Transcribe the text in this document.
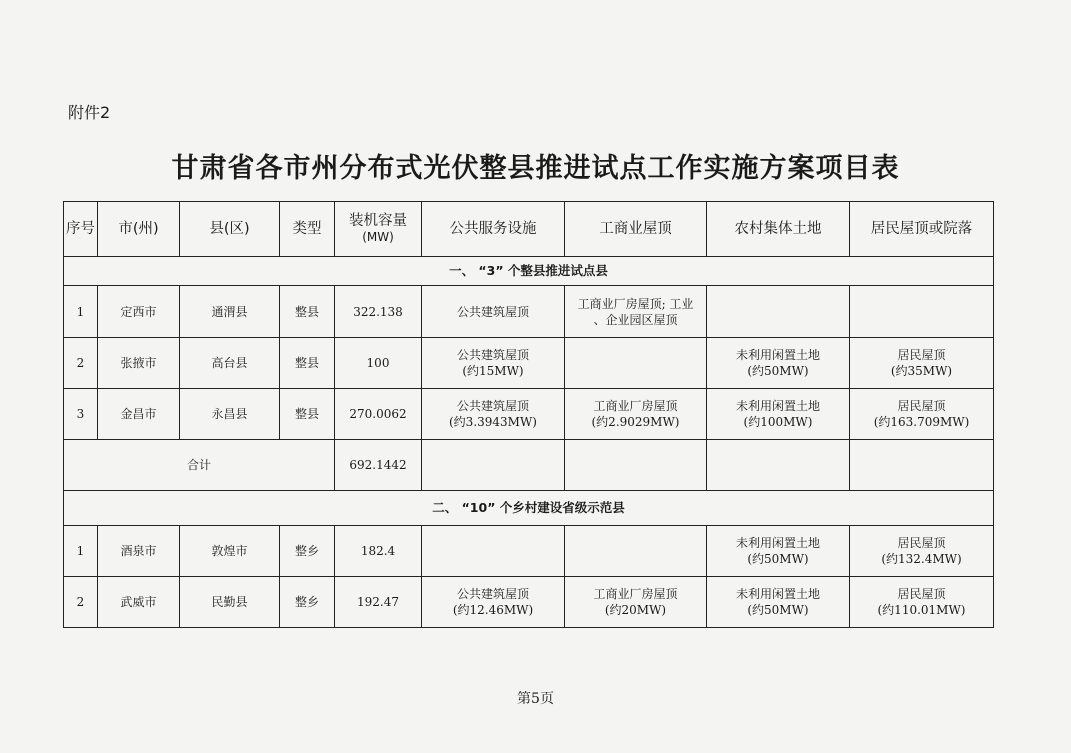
附件2
甘肃省各市州分布式光伏整县推进试点工作实施方案项目表
序号	市(州)	县(区)	类型	装机容量
(MW)	公共服务设施	工商业屋顶	农村集体土地	居民屋顶或院落
一、 “3” 个整县推进试点县								
1	定西市	通渭县	整县	322.138	公共建筑屋顶	工商业厂房屋顶; 工业
、企业园区屋顶		

2	张掖市	高台县	整县	100	公共建筑屋顶
(约15MW)		未利用闲置土地
(约50MW)	居民屋顶
(约35MW)

3	金昌市	永昌县	整县	270.0062	公共建筑屋顶
(约3.3943MW)	工商业厂房屋顶
(约2.9029MW)	未利用闲置土地
(约100MW)	居民屋顶
(约163.709MW)

合计				692.1442				
二、 “10” 个乡村建设省级示范县								
1	酒泉市	敦煌市	整乡	182.4			未利用闲置土地
(约50MW)	居民屋顶
(约132.4MW)

2	武威市	民勤县	整乡	192.47	公共建筑屋顶
(约12.46MW)	工商业厂房屋顶
(约20MW)	未利用闲置土地
(约50MW)	居民屋顶
(约110.01MW)
第5页
